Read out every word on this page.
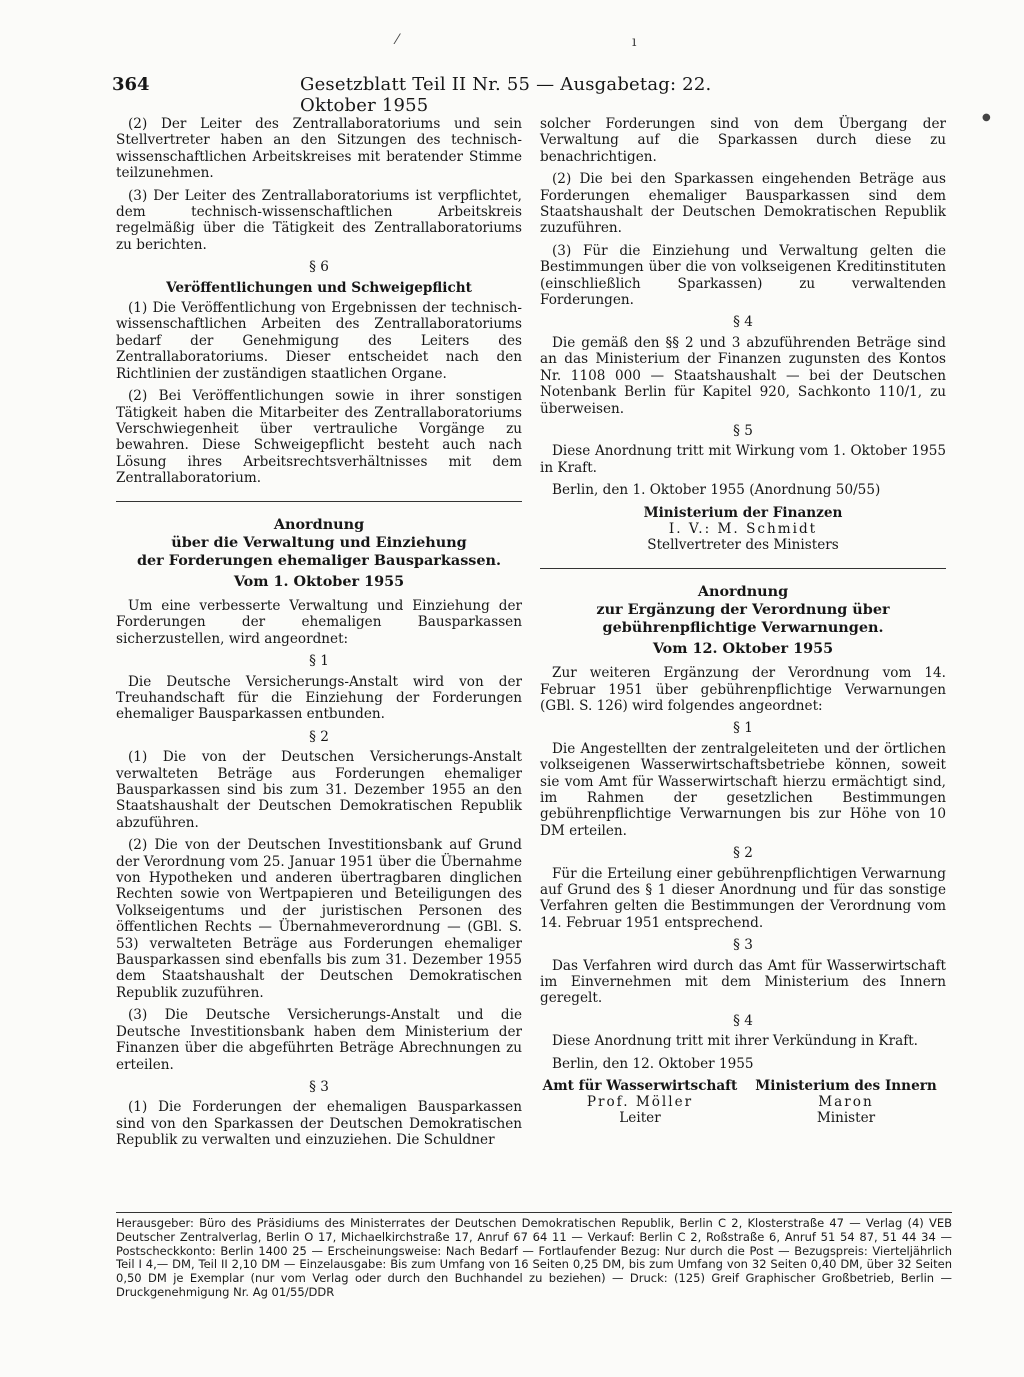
⁄	ı
●
364	Gesetzblatt Teil II Nr. 55 — Ausgabetag: 22. Oktober 1955

(2) Der Leiter des Zentrallaboratoriums und sein Stellvertreter haben an den Sitzungen des technisch-wissenschaftlichen Arbeitskreises mit beratender Stimme teilzunehmen.

(3) Der Leiter des Zentrallaboratoriums ist verpflichtet, dem technisch-wissenschaftlichen Arbeitskreis regelmäßig über die Tätigkeit des Zentrallaboratoriums zu berichten.

§ 6
Veröffentlichungen und Schweigepflicht

(1) Die Veröffentlichung von Ergebnissen der technisch-wissenschaftlichen Arbeiten des Zentrallaboratoriums bedarf der Genehmigung des Leiters des Zentrallaboratoriums. Dieser entscheidet nach den Richtlinien der zuständigen staatlichen Organe.

(2) Bei Veröffentlichungen sowie in ihrer sonstigen Tätigkeit haben die Mitarbeiter des Zentrallaboratoriums Verschwiegenheit über vertrauliche Vorgänge zu bewahren. Diese Schweigepflicht besteht auch nach Lösung ihres Arbeitsrechtsverhältnisses mit dem Zentrallaboratorium.

Anordnung
über die Verwaltung und Einziehung
der Forderungen ehemaliger Bausparkassen.
Vom 1. Oktober 1955

Um eine verbesserte Verwaltung und Einziehung der Forderungen der ehemaligen Bausparkassen sicherzustellen, wird angeordnet:

§ 1

Die Deutsche Versicherungs-Anstalt wird von der Treuhandschaft für die Einziehung der Forderungen ehemaliger Bausparkassen entbunden.

§ 2

(1) Die von der Deutschen Versicherungs-Anstalt verwalteten Beträge aus Forderungen ehemaliger Bausparkassen sind bis zum 31. Dezember 1955 an den Staatshaushalt der Deutschen Demokratischen Republik abzuführen.

(2) Die von der Deutschen Investitionsbank auf Grund der Verordnung vom 25. Januar 1951 über die Übernahme von Hypotheken und anderen übertragbaren dinglichen Rechten sowie von Wertpapieren und Beteiligungen des Volkseigentums und der juristischen Personen des öffentlichen Rechts — Übernahmeverordnung — (GBl. S. 53) verwalteten Beträge aus Forderungen ehemaliger Bausparkassen sind ebenfalls bis zum 31. Dezember 1955 dem Staatshaushalt der Deutschen Demokratischen Republik zuzuführen.

(3) Die Deutsche Versicherungs-Anstalt und die Deutsche Investitionsbank haben dem Ministerium der Finanzen über die abgeführten Beträge Abrechnungen zu erteilen.

§ 3

(1) Die Forderungen der ehemaligen Bausparkassen sind von den Sparkassen der Deutschen Demokratischen Republik zu verwalten und einzuziehen. Die Schuldner

solcher Forderungen sind von dem Übergang der Verwaltung auf die Sparkassen durch diese zu benachrichtigen.

(2) Die bei den Sparkassen eingehenden Beträge aus Forderungen ehemaliger Bausparkassen sind dem Staatshaushalt der Deutschen Demokratischen Republik zuzuführen.

(3) Für die Einziehung und Verwaltung gelten die Bestimmungen über die von volkseigenen Kreditinstituten (einschließlich Sparkassen) zu verwaltenden Forderungen.

§ 4

Die gemäß den §§ 2 und 3 abzuführenden Beträge sind an das Ministerium der Finanzen zugunsten des Kontos Nr. 1108 000 — Staatshaushalt — bei der Deutschen Notenbank Berlin für Kapitel 920, Sachkonto 110/1, zu überweisen.

§ 5

Diese Anordnung tritt mit Wirkung vom 1. Oktober 1955 in Kraft.

Berlin, den 1. Oktober 1955 (Anordnung 50/55)

Ministerium der Finanzen
I. V.: M. Schmidt
Stellvertreter des Ministers
Anordnung
zur Ergänzung der Verordnung über
gebührenpflichtige Verwarnungen.
Vom 12. Oktober 1955

Zur weiteren Ergänzung der Verordnung vom 14. Februar 1951 über gebührenpflichtige Verwarnungen (GBl. S. 126) wird folgendes angeordnet:

§ 1

Die Angestellten der zentralgeleiteten und der örtlichen volkseigenen Wasserwirtschaftsbetriebe können, soweit sie vom Amt für Wasserwirtschaft hierzu ermächtigt sind, im Rahmen der gesetzlichen Bestimmungen gebührenpflichtige Verwarnungen bis zur Höhe von 10 DM erteilen.

§ 2

Für die Erteilung einer gebührenpflichtigen Verwarnung auf Grund des § 1 dieser Anordnung und für das sonstige Verfahren gelten die Bestimmungen der Verordnung vom 14. Februar 1951 entsprechend.

§ 3

Das Verfahren wird durch das Amt für Wasserwirtschaft im Einvernehmen mit dem Ministerium des Innern geregelt.

§ 4

Diese Anordnung tritt mit ihrer Verkündung in Kraft.

Berlin, den 12. Oktober 1955

Amt für Wasserwirtschaft
Prof. Möller
Leiter
Ministerium des Innern
Maron
Minister
Herausgeber: Büro des Präsidiums des Ministerrates der Deutschen Demokratischen Republik, Berlin C 2, Klosterstraße 47 — Verlag (4) VEB Deutscher Zentralverlag, Berlin O 17, Michaelkirchstraße 17, Anruf 67 64 11 — Verkauf: Berlin C 2, Roßstraße 6, Anruf 51 54 87, 51 44 34 — Postscheckkonto: Berlin 1400 25 — Erscheinungsweise: Nach Bedarf — Fortlaufender Bezug: Nur durch die Post — Bezugspreis: Vierteljährlich Teil I 4,— DM, Teil II 2,10 DM — Einzelausgabe: Bis zum Umfang von 16 Seiten 0,25 DM, bis zum Umfang von 32 Seiten 0,40 DM, über 32 Seiten 0,50 DM je Exemplar (nur vom Verlag oder durch den Buchhandel zu beziehen) — Druck: (125) Greif Graphischer Großbetrieb, Berlin — Druckgenehmigung Nr. Ag 01/55/DDR
